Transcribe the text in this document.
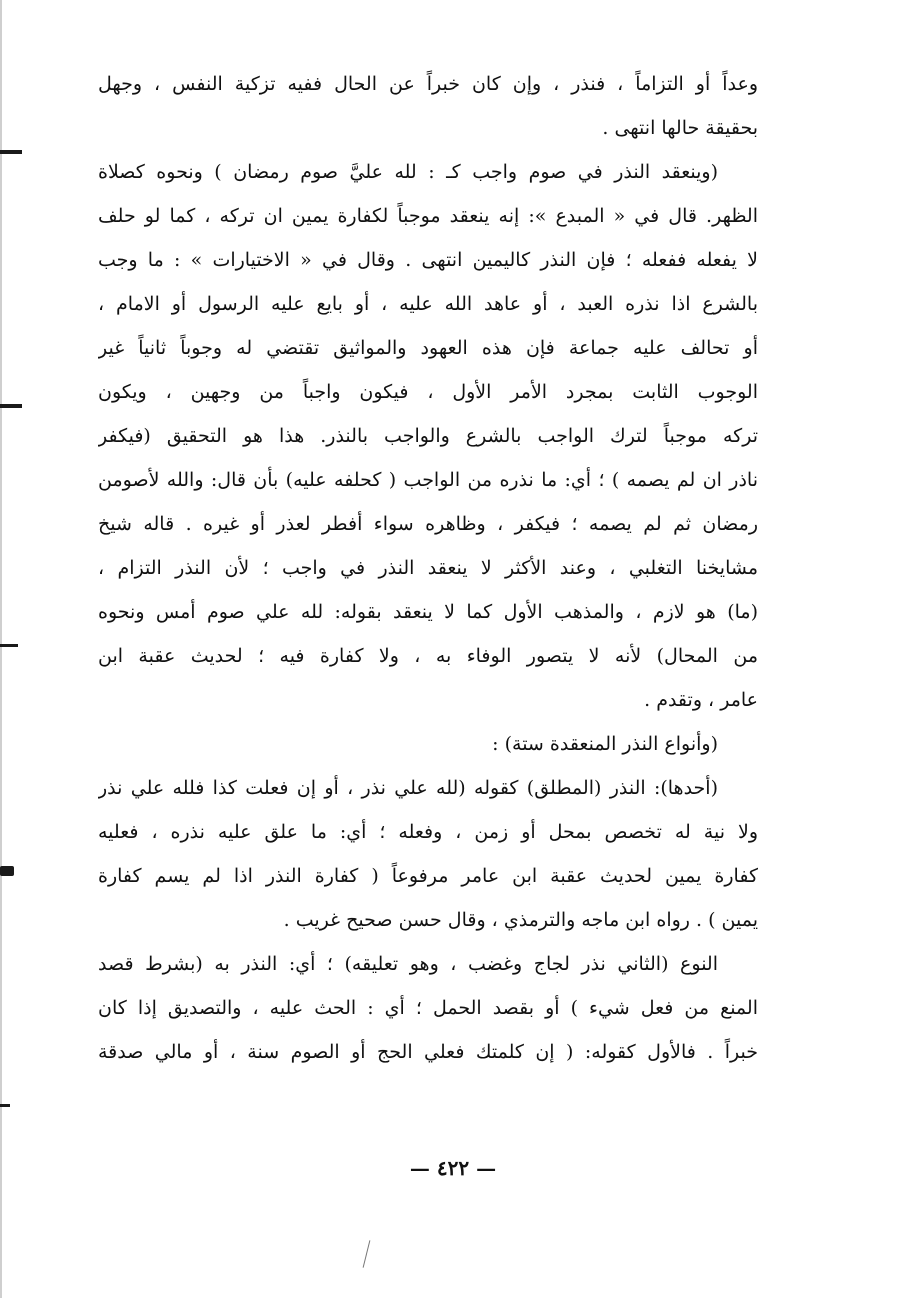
وعداً أو التزاماً ، فنذر ، وإن كان خبراً عن الحال ففيه تزكية النفس ، وجهل
بحقيقة حالها انتهى .
(وينعقد النذر في صوم واجب كـ : لله عليَّ صوم رمضان ) ونحوه كصلاة
الظهر. قال في « المبدع »: إنه ينعقد موجباً لكفارة يمين ان تركه ، كما لو حلف
لا يفعله ففعله ؛ فإن النذر كاليمين انتهى . وقال في « الاختيارات » : ما وجب
بالشرع اذا نذره العبد ، أو عاهد الله عليه ، أو بايع عليه الرسول أو الامام ،
أو تحالف عليه جماعة فإن هذه العهود والمواثيق تقتضي له وجوباً ثانياً غير
الوجوب الثابت بمجرد الأمر الأول ، فيكون واجباً من وجهين ، ويكون
تركه موجباً لترك الواجب بالشرع والواجب بالنذر. هذا هو التحقيق (فيكفر
ناذر ان لم يصمه ) ؛ أي: ما نذره من الواجب ( كحلفه عليه) بأن قال: والله لأصومن
رمضان ثم لم يصمه ؛ فيكفر ، وظاهره سواء أفطر لعذر أو غيره . قاله شيخ
مشايخنا التغلبي ، وعند الأكثر لا ينعقد النذر في واجب ؛ لأن النذر التزام ،
(ما) هو لازم ، والمذهب الأول كما لا ينعقد بقوله: لله علي صوم أمس ونحوه
من المحال) لأنه لا يتصور الوفاء به ، ولا كفارة فيه ؛ لحديث عقبة ابن
عامر ، وتقدم .
(وأنواع النذر المنعقدة ستة) :
(أحدها): النذر (المطلق) كقوله (لله علي نذر ، أو إن فعلت كذا فلله علي نذر
ولا نية له تخصص بمحل أو زمن ، وفعله ؛ أي: ما علق عليه نذره ، فعليه
كفارة يمين لحديث عقبة ابن عامر مرفوعاً ( كفارة النذر اذا لم يسم كفارة
يمين ) . رواه ابن ماجه والترمذي ، وقال حسن صحيح غريب .
النوع (الثاني نذر لجاج وغضب ، وهو تعليقه) ؛ أي: النذر به (بشرط قصد
المنع من فعل شيء ) أو بقصد الحمل ؛ أي : الحث عليه ، والتصديق إذا كان
خبراً . فالأول كقوله: ( إن كلمتك فعلي الحج أو الصوم سنة ، أو مالي صدقة
— ٤٢٢ —
